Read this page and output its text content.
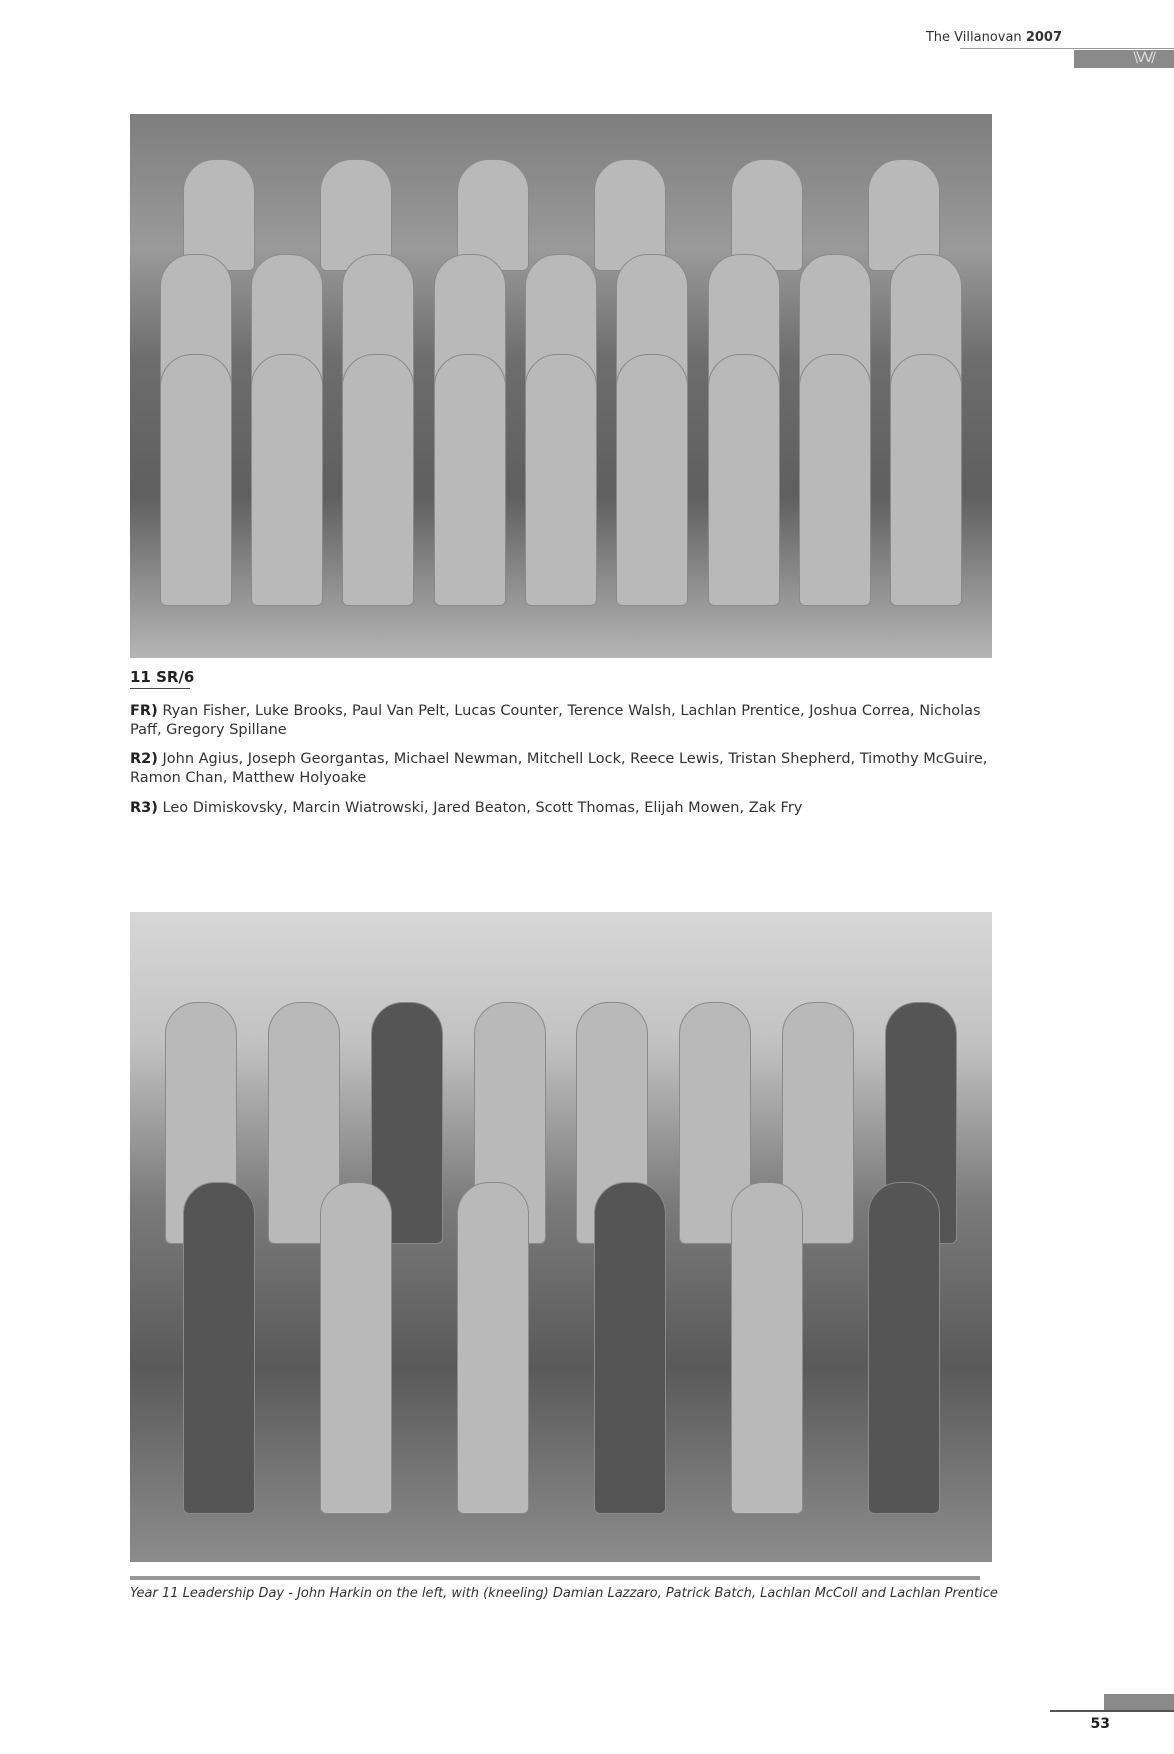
The Villanovan 2007
\VV/
11 SR/6
FR) Ryan Fisher, Luke Brooks, Paul Van Pelt, Lucas Counter, Terence Walsh, Lachlan Prentice, Joshua Correa, Nicholas Paff, Gregory Spillane
R2) John Agius, Joseph Georgantas, Michael Newman, Mitchell Lock, Reece Lewis, Tristan Shepherd, Timothy McGuire, Ramon Chan, Matthew Holyoake
R3) Leo Dimiskovsky, Marcin Wiatrowski, Jared Beaton, Scott Thomas, Elijah Mowen, Zak Fry
Year 11 Leadership Day - John Harkin on the left, with (kneeling) Damian Lazzaro, Patrick Batch, Lachlan McColl and Lachlan Prentice
53
